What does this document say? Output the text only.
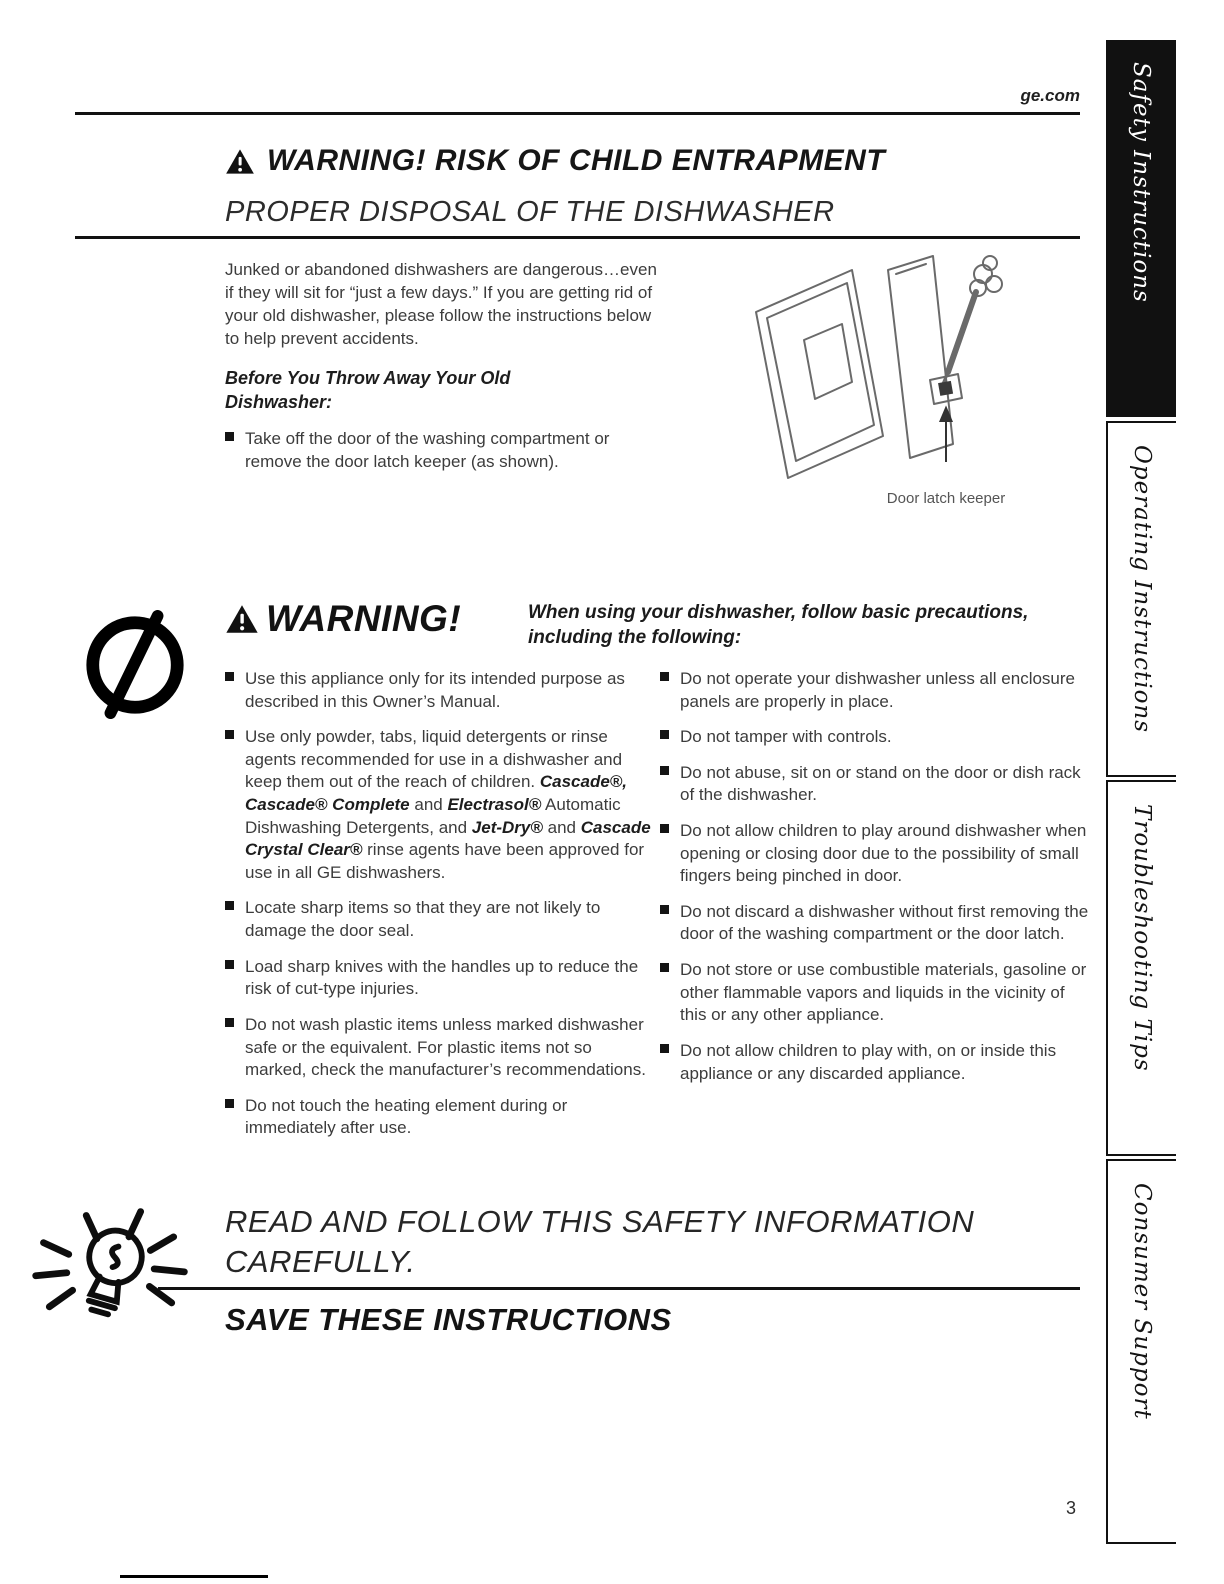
ge.com
WARNING! RISK OF CHILD ENTRAPMENT
PROPER DISPOSAL OF THE DISHWASHER

Junked or abandoned dishwashers are dangerous…even if they will sit for “just a few days.” If you are getting rid of your old dishwasher, please follow the instructions below to help prevent accidents.

Before You Throw Away Your Old Dishwasher:

Take off the door of the washing compartment or remove the door latch keeper (as shown).
Door latch keeper
WARNING!	When using your dishwasher, follow basic precautions, including the following:
Use this appliance only for its intended purpose as described in this Owner’s Manual.
Use only powder, tabs, liquid detergents or rinse agents recommended for use in a dishwasher and keep them out of the reach of children. Cascade®, Cascade® Complete and Electrasol® Automatic Dishwashing Detergents, and Jet-Dry® and Cascade Crystal Clear® rinse agents have been approved for use in all GE dishwashers.
Locate sharp items so that they are not likely to damage the door seal.
Load sharp knives with the handles up to reduce the risk of cut-type injuries.
Do not wash plastic items unless marked dishwasher safe or the equivalent. For plastic items not so marked, check the manufacturer’s recommendations.
Do not touch the heating element during or immediately after use.
Do not operate your dishwasher unless all enclosure panels are properly in place.
Do not tamper with controls.
Do not abuse, sit on or stand on the door or dish rack of the dishwasher.
Do not allow children to play around dishwasher when opening or closing door due to the possibility of small fingers being pinched in door.
Do not discard a dishwasher without first removing the door of the washing compartment or the door latch.
Do not store or use combustible materials, gasoline or other flammable vapors and liquids in the vicinity of this or any other appliance.
Do not allow children to play with, on or inside this appliance or any discarded appliance.
READ AND FOLLOW THIS SAFETY INFORMATION
CAREFULLY.
SAVE THESE INSTRUCTIONS
3
Safety Instructions
Operating Instructions
Troubleshooting Tips
Consumer Support
